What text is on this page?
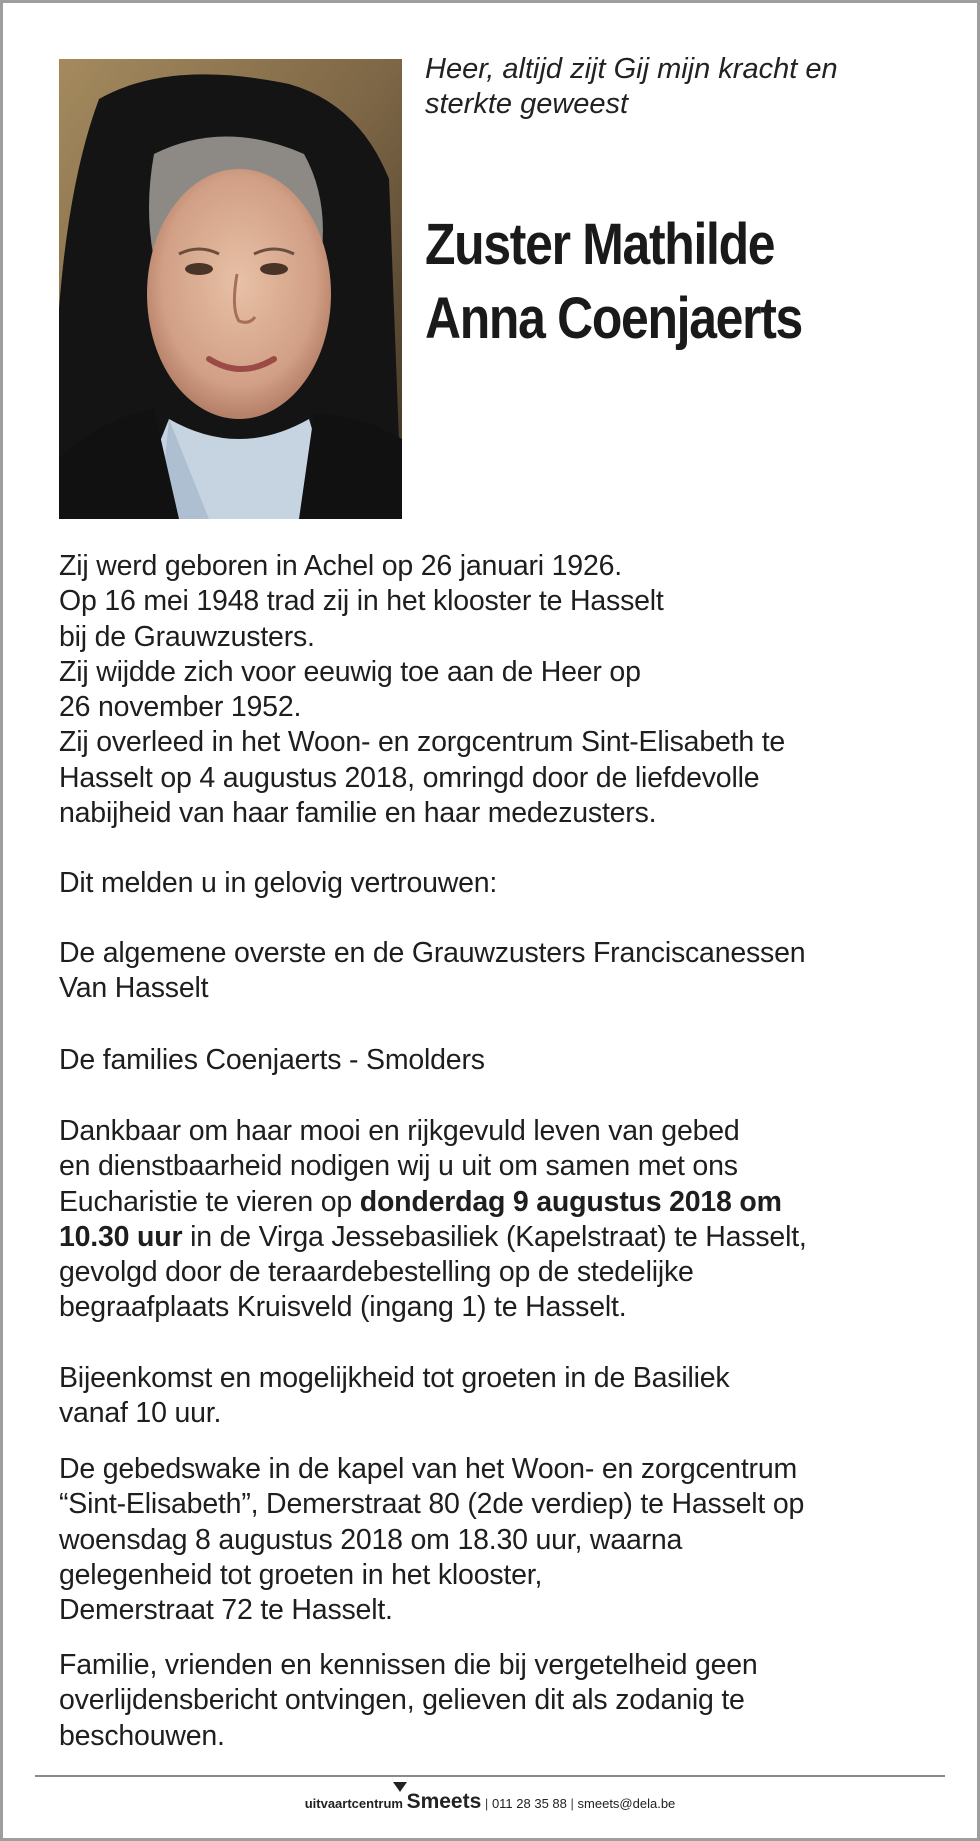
Heer, altijd zijt Gij mijn kracht en
sterkte geweest
Zuster Mathilde
Anna Coenjaerts
Zij werd geboren in Achel op 26 januari 1926.
Op 16 mei 1948 trad zij in het klooster te Hasselt
bij de Grauwzusters.
Zij wijdde zich voor eeuwig toe aan de Heer op
26 november 1952.
Zij overleed in het Woon- en zorgcentrum Sint-Elisabeth te
Hasselt op 4 augustus 2018, omringd door de liefdevolle
nabijheid van haar familie en haar medezusters.
Dit melden u in gelovig vertrouwen:
De algemene overste en de Grauwzusters Franciscanessen
Van Hasselt
De families Coenjaerts - Smolders
Dankbaar om haar mooi en rijkgevuld leven van gebed
en dienstbaarheid nodigen wij u uit om samen met ons
Eucharistie te vieren op donderdag 9 augustus 2018 om
10.30 uur in de Virga Jessebasiliek (Kapelstraat) te Hasselt,
gevolgd door de teraardebestelling op de stedelijke
begraafplaats Kruisveld (ingang 1) te Hasselt.
Bijeenkomst en mogelijkheid tot groeten in de Basiliek
vanaf 10 uur.
De gebedswake in de kapel van het Woon- en zorgcentrum
“Sint-Elisabeth”, Demerstraat 80 (2de verdiep) te Hasselt op
woensdag 8 augustus 2018 om 18.30 uur, waarna
gelegenheid tot groeten in het klooster,
Demerstraat 72 te Hasselt.
Familie, vrienden en kennissen die bij vergetelheid geen
overlijdensbericht ontvingen, gelieven dit als zodanig te
beschouwen.
uitvaartcentrum Smeets | 011 28 35 88 | smeets@dela.be
